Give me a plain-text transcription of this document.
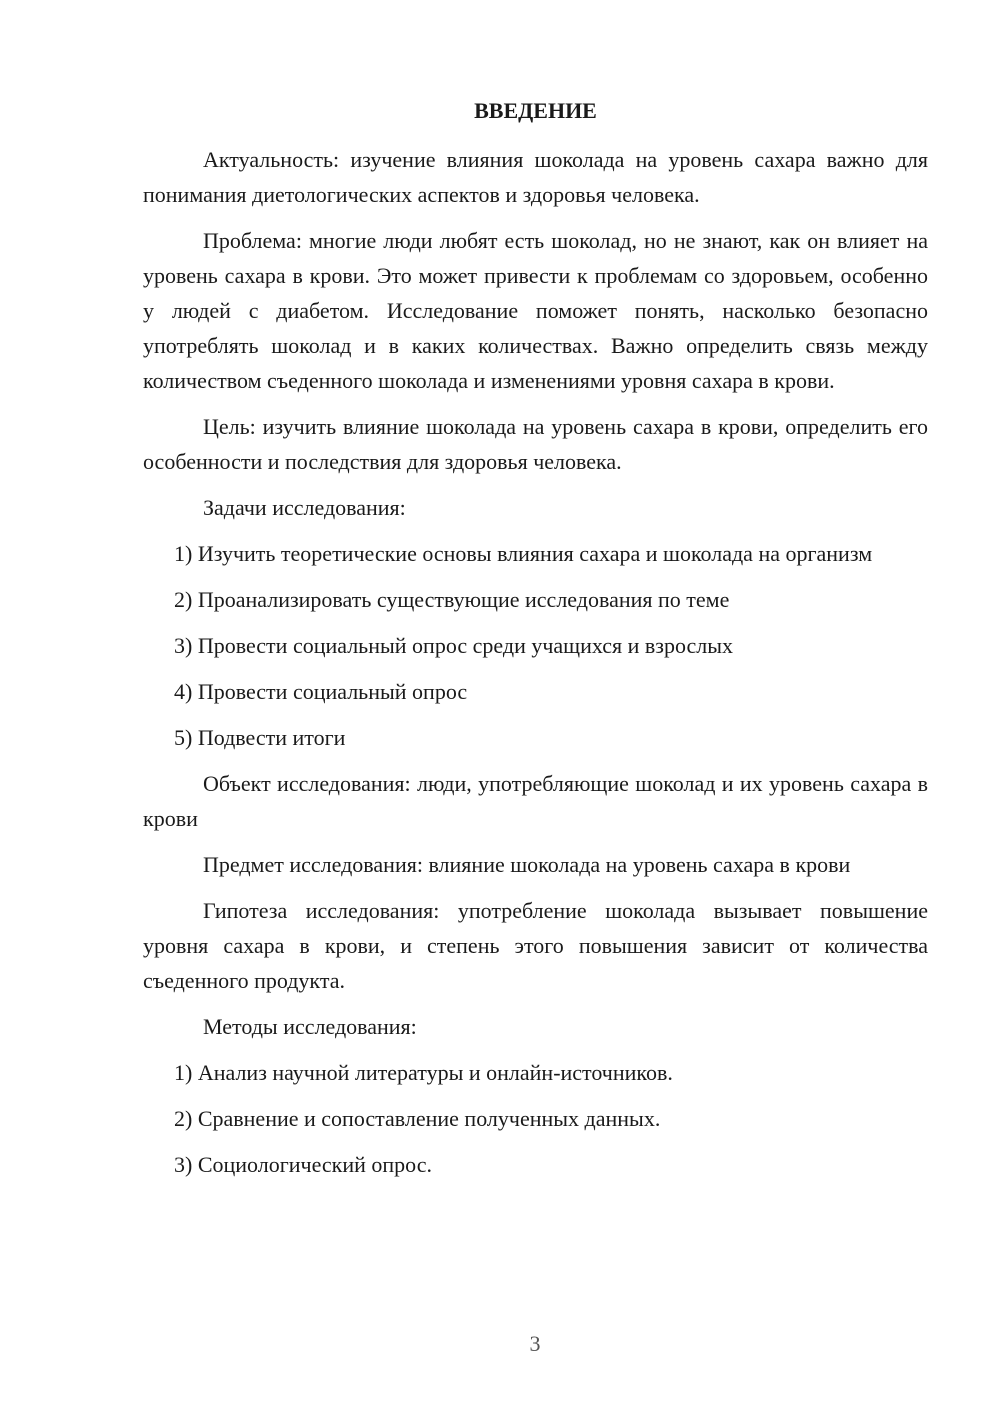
ВВЕДЕНИЕ

Актуальность: изучение влияния шоколада на уровень сахара важно для понимания диетологических аспектов и здоровья человека.

Проблема: многие люди любят есть шоколад, но не знают, как он влияет на уровень сахара в крови. Это может привести к проблемам со здоровьем, особенно у людей с диабетом. Исследование поможет понять, насколько безопасно употреблять шоколад и в каких количествах. Важно определить связь между количеством съеденного шоколада и изменениями уровня сахара в крови.

Цель: изучить влияние шоколада на уровень сахара в крови, определить его особенности и последствия для здоровья человека.

Задачи исследования:

1) Изучить теоретические основы влияния сахара и шоколада на организм

2) Проанализировать существующие исследования по теме

3) Провести социальный опрос среди учащихся и взрослых

4) Провести социальный опрос

5) Подвести итоги

Объект исследования: люди, употребляющие шоколад и их уровень сахара в крови

Предмет исследования: влияние шоколада на уровень сахара в крови

Гипотеза исследования: употребление шоколада вызывает повышение уровня сахара в крови, и степень этого повышения зависит от количества съеденного продукта.

Методы исследования:

1) Анализ научной литературы и онлайн-источников.

2) Сравнение и сопоставление полученных данных.

3) Социологический опрос.

3
